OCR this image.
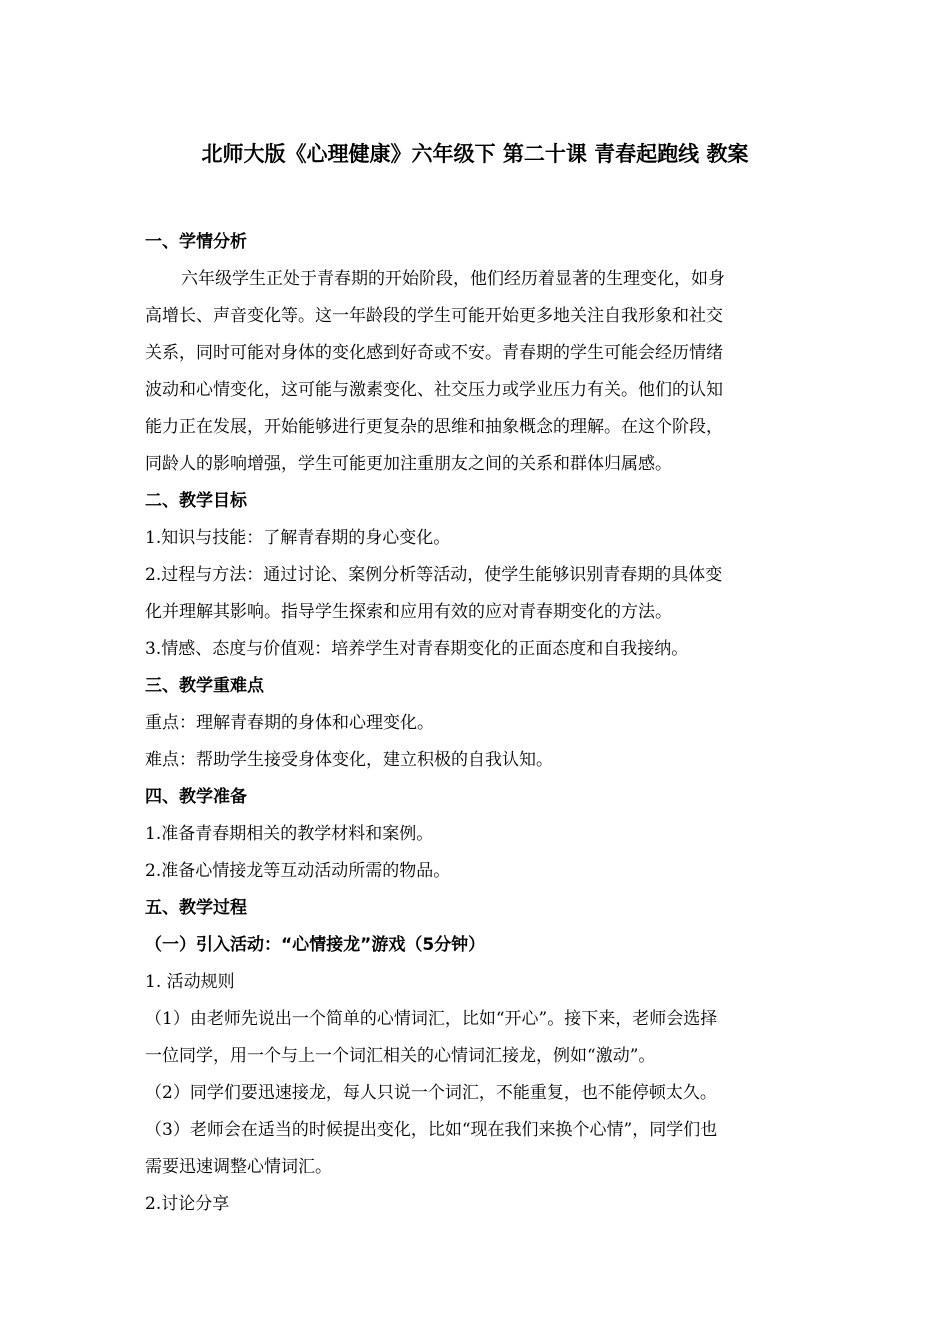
北师大版《心理健康》六年级下 第二十课 青春起跑线 教案
一、学情分析
六年级学生正处于青春期的开始阶段，他们经历着显著的生理变化，如身
高增长、声音变化等。这一年龄段的学生可能开始更多地关注自我形象和社交
关系，同时可能对身体的变化感到好奇或不安。青春期的学生可能会经历情绪
波动和心情变化，这可能与激素变化、社交压力或学业压力有关。他们的认知
能力正在发展，开始能够进行更复杂的思维和抽象概念的理解。在这个阶段，
同龄人的影响增强，学生可能更加注重朋友之间的关系和群体归属感。
二、教学目标
1.知识与技能：了解青春期的身心变化。
2.过程与方法：通过讨论、案例分析等活动，使学生能够识别青春期的具体变
化并理解其影响。指导学生探索和应用有效的应对青春期变化的方法。
3.情感、态度与价值观：培养学生对青春期变化的正面态度和自我接纳。
三、教学重难点
重点：理解青春期的身体和心理变化。
难点：帮助学生接受身体变化，建立积极的自我认知。
四、教学准备
1.准备青春期相关的教学材料和案例。
2.准备心情接龙等互动活动所需的物品。
五、教学过程
（一）引入活动：“心情接龙”游戏（5分钟）
1. 活动规则
（1）由老师先说出一个简单的心情词汇，比如“开心”。接下来，老师会选择
一位同学，用一个与上一个词汇相关的心情词汇接龙，例如“激动”。
（2）同学们要迅速接龙，每人只说一个词汇，不能重复，也不能停顿太久。
（3）老师会在适当的时候提出变化，比如“现在我们来换个心情”，同学们也
需要迅速调整心情词汇。
2.讨论分享
